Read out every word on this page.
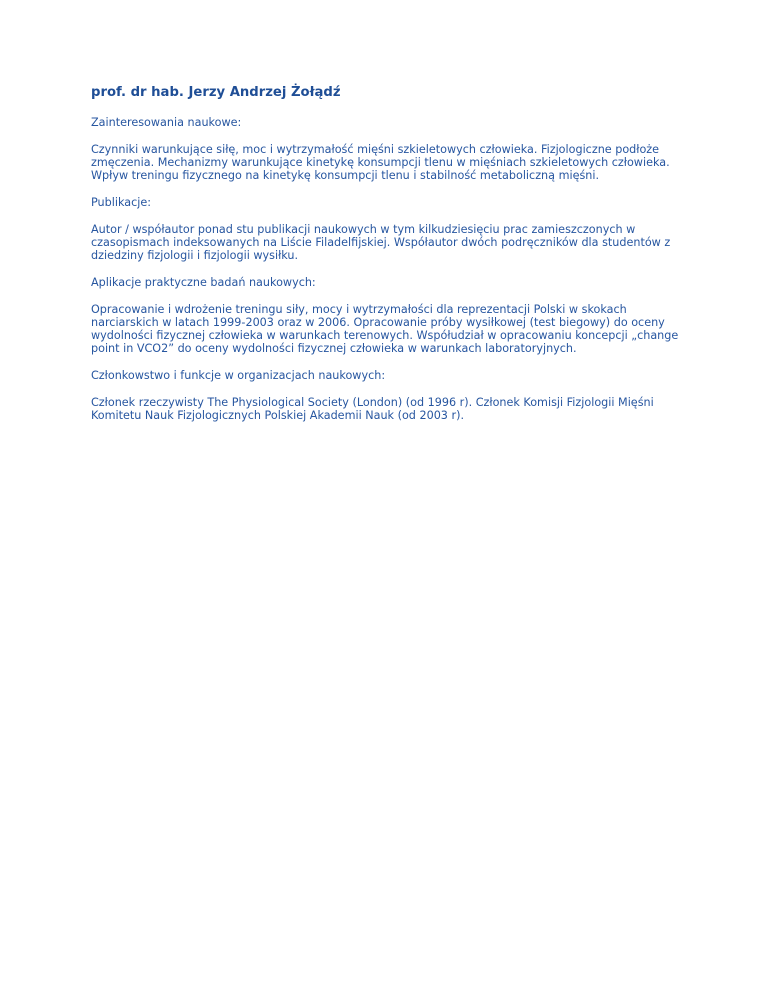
prof. dr hab. Jerzy Andrzej Żołądź

Zainteresowania naukowe:

Czynniki warunkujące siłę, moc i wytrzymałość mięśni szkieletowych człowieka. Fizjologiczne podłoże zmęczenia. Mechanizmy warunkujące kinetykę konsumpcji tlenu w mięśniach szkieletowych człowieka. Wpływ treningu fizycznego na kinetykę konsumpcji tlenu i stabilność metaboliczną mięśni.

Publikacje:

Autor / współautor ponad stu publikacji naukowych w tym kilkudziesięciu prac zamieszczonych w czasopismach indeksowanych na Liście Filadelfijskiej. Współautor dwóch podręczników dla studentów z dziedziny fizjologii i fizjologii wysiłku.

Aplikacje praktyczne badań naukowych:

Opracowanie i wdrożenie treningu siły, mocy i wytrzymałości dla reprezentacji Polski w skokach narciarskich w latach 1999-2003 oraz w 2006. Opracowanie próby wysiłkowej (test biegowy) do oceny wydolności fizycznej człowieka w warunkach terenowych. Współudział w opracowaniu koncepcji „change point in VCO2” do oceny wydolności fizycznej człowieka w warunkach laboratoryjnych.

Członkowstwo i funkcje w organizacjach naukowych:

Członek rzeczywisty The Physiological Society (London) (od 1996 r). Członek Komisji Fizjologii Mięśni Komitetu Nauk Fizjologicznych Polskiej Akademii Nauk (od 2003 r).
